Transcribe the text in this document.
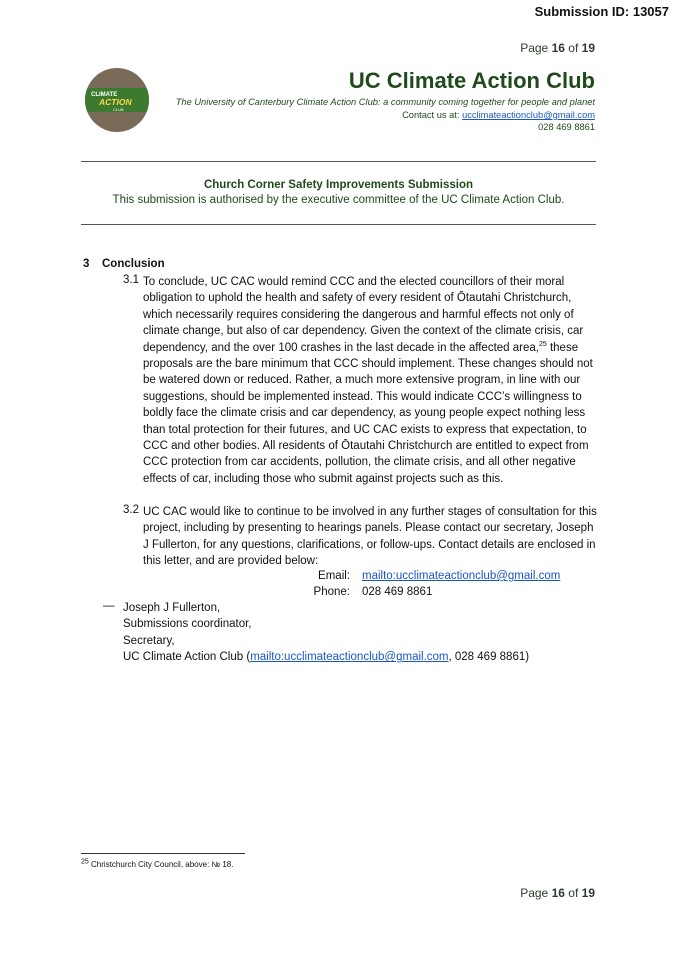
Submission ID: 13057
Page 16 of 19
CLIMATE
ACTION
CLUB
UC Climate Action Club
The University of Canterbury Climate Action Club: a community coming together for people and planet
Contact us at: ucclimateactionclub@gmail.com
028 469 8861
Church Corner Safety Improvements Submission
This submission is authorised by the executive committee of the UC Climate Action Club.
3 Conclusion
3.1 To conclude, UC CAC would remind CCC and the elected councillors of their moral obligation to uphold the health and safety of every resident of Ōtautahi Christchurch, which necessarily requires considering the dangerous and harmful effects not only of climate change, but also of car dependency. Given the context of the climate crisis, car dependency, and the over 100 crashes in the last decade in the affected area,$^{25}$ these proposals are the bare minimum that CCC should implement. These changes should not be watered down or reduced. Rather, a much more extensive program, in line with our suggestions, should be implemented instead. This would indicate CCC’s willingness to boldly face the climate crisis and car dependency, as young people expect nothing less than total protection for their futures, and UC CAC exists to express that expectation, to CCC and other bodies. All residents of Ōtautahi Christchurch are entitled to expect from CCC protection from car accidents, pollution, the climate crisis, and all other negative effects of car, including those who submit against projects such as this.
3.2 UC CAC would like to continue to be involved in any further stages of consultation for this project, including by presenting to hearings panels. Please contact our secretary, Joseph J Fullerton, for any questions, clarifications, or follow-ups. Contact details are enclosed in this letter, and are provided below:
Email: mailto:ucclimateactionclub@gmail.com
Phone: 028 469 8861
— Joseph J Fullerton,
Submissions coordinator,
Secretary,
UC Climate Action Club (mailto:ucclimateactionclub@gmail.com, 028 469 8861)
$^{25}$ Christchurch City Council, above: № 18.
Page 16 of 19
